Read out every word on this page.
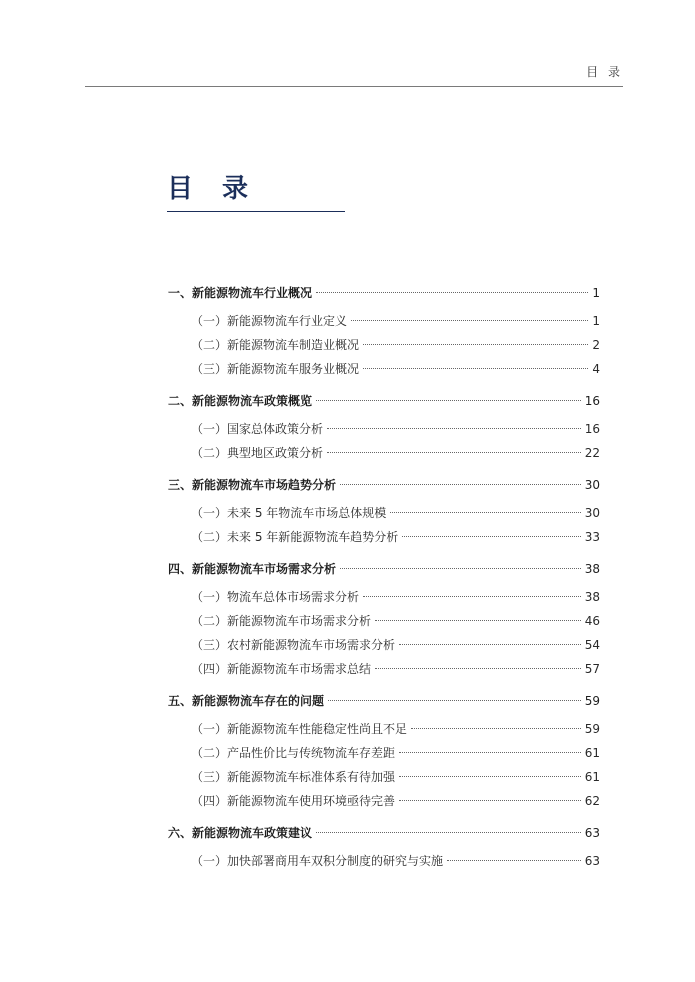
目 录
目 录
一、新能源物流车行业概况	1
（一）新能源物流车行业定义	1
（二）新能源物流车制造业概况	2
（三）新能源物流车服务业概况	4
二、新能源物流车政策概览	16
（一）国家总体政策分析	16
（二）典型地区政策分析	22
三、新能源物流车市场趋势分析	30
（一）未来 5 年物流车市场总体规模	30
（二）未来 5 年新能源物流车趋势分析	33
四、新能源物流车市场需求分析	38
（一）物流车总体市场需求分析	38
（二）新能源物流车市场需求分析	46
（三）农村新能源物流车市场需求分析	54
（四）新能源物流车市场需求总结	57
五、新能源物流车存在的问题	59
（一）新能源物流车性能稳定性尚且不足	59
（二）产品性价比与传统物流车存差距	61
（三）新能源物流车标准体系有待加强	61
（四）新能源物流车使用环境亟待完善	62
六、新能源物流车政策建议	63
（一）加快部署商用车双积分制度的研究与实施	63
